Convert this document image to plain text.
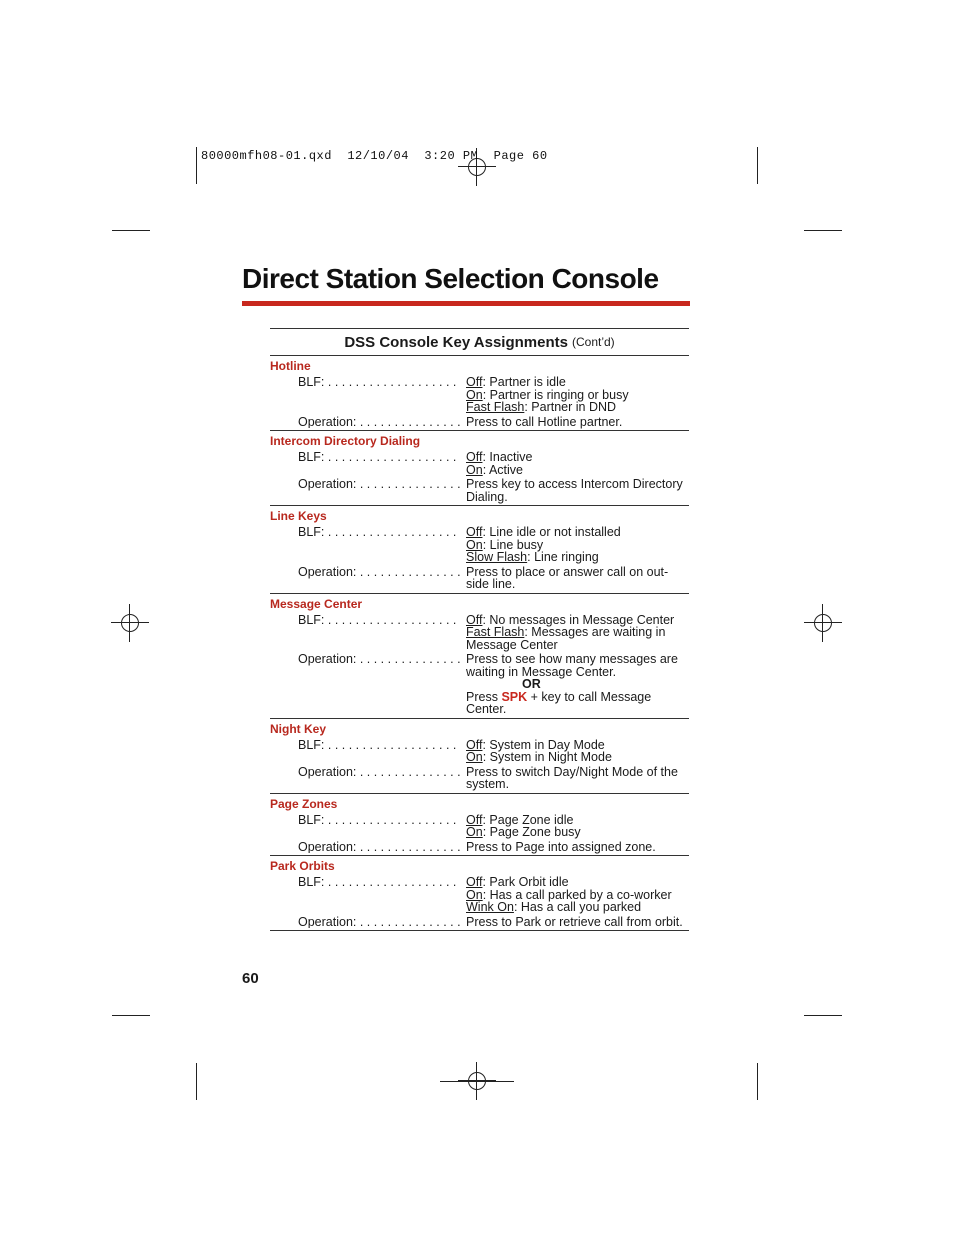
80000mfh08-01.qxd  12/10/04  3:20 PM  Page 60
Direct Station Selection Console
DSS Console Key Assignments (Cont’d)
Hotline
BLF: . . . . . . . . . . . . . . . . . . . Off: Partner is idle
On: Partner is ringing or busy
Fast Flash: Partner in DND
Operation: . . . . . . . . . . . . . . . Press to call Hotline partner.
Intercom Directory Dialing
BLF: . . . . . . . . . . . . . . . . . . . Off: Inactive
On: Active
Operation: . . . . . . . . . . . . . . . Press key to access Intercom Directory Dialing.
Line Keys
BLF: . . . . . . . . . . . . . . . . . . . Off: Line idle or not installed
On: Line busy
Slow Flash: Line ringing
Operation: . . . . . . . . . . . . . . . Press to place or answer call on out-side line.
Message Center
BLF: . . . . . . . . . . . . . . . . . . . Off: No messages in Message Center
Fast Flash: Messages are waiting in Message Center
Operation: . . . . . . . . . . . . . . . Press to see how many messages are waiting in Message Center.
OR
Press SPK + key to call Message Center.
Night Key
BLF: . . . . . . . . . . . . . . . . . . . Off: System in Day Mode
On: System in Night Mode
Operation: . . . . . . . . . . . . . . . Press to switch Day/Night Mode of the system.
Page Zones
BLF: . . . . . . . . . . . . . . . . . . . Off: Page Zone idle
On: Page Zone busy
Operation: . . . . . . . . . . . . . . . Press to Page into assigned zone.
Park Orbits
BLF: . . . . . . . . . . . . . . . . . . . Off: Park Orbit idle
On: Has a call parked by a co-worker
Wink On: Has a call you parked
Operation: . . . . . . . . . . . . . . . Press to Park or retrieve call from orbit.
60
